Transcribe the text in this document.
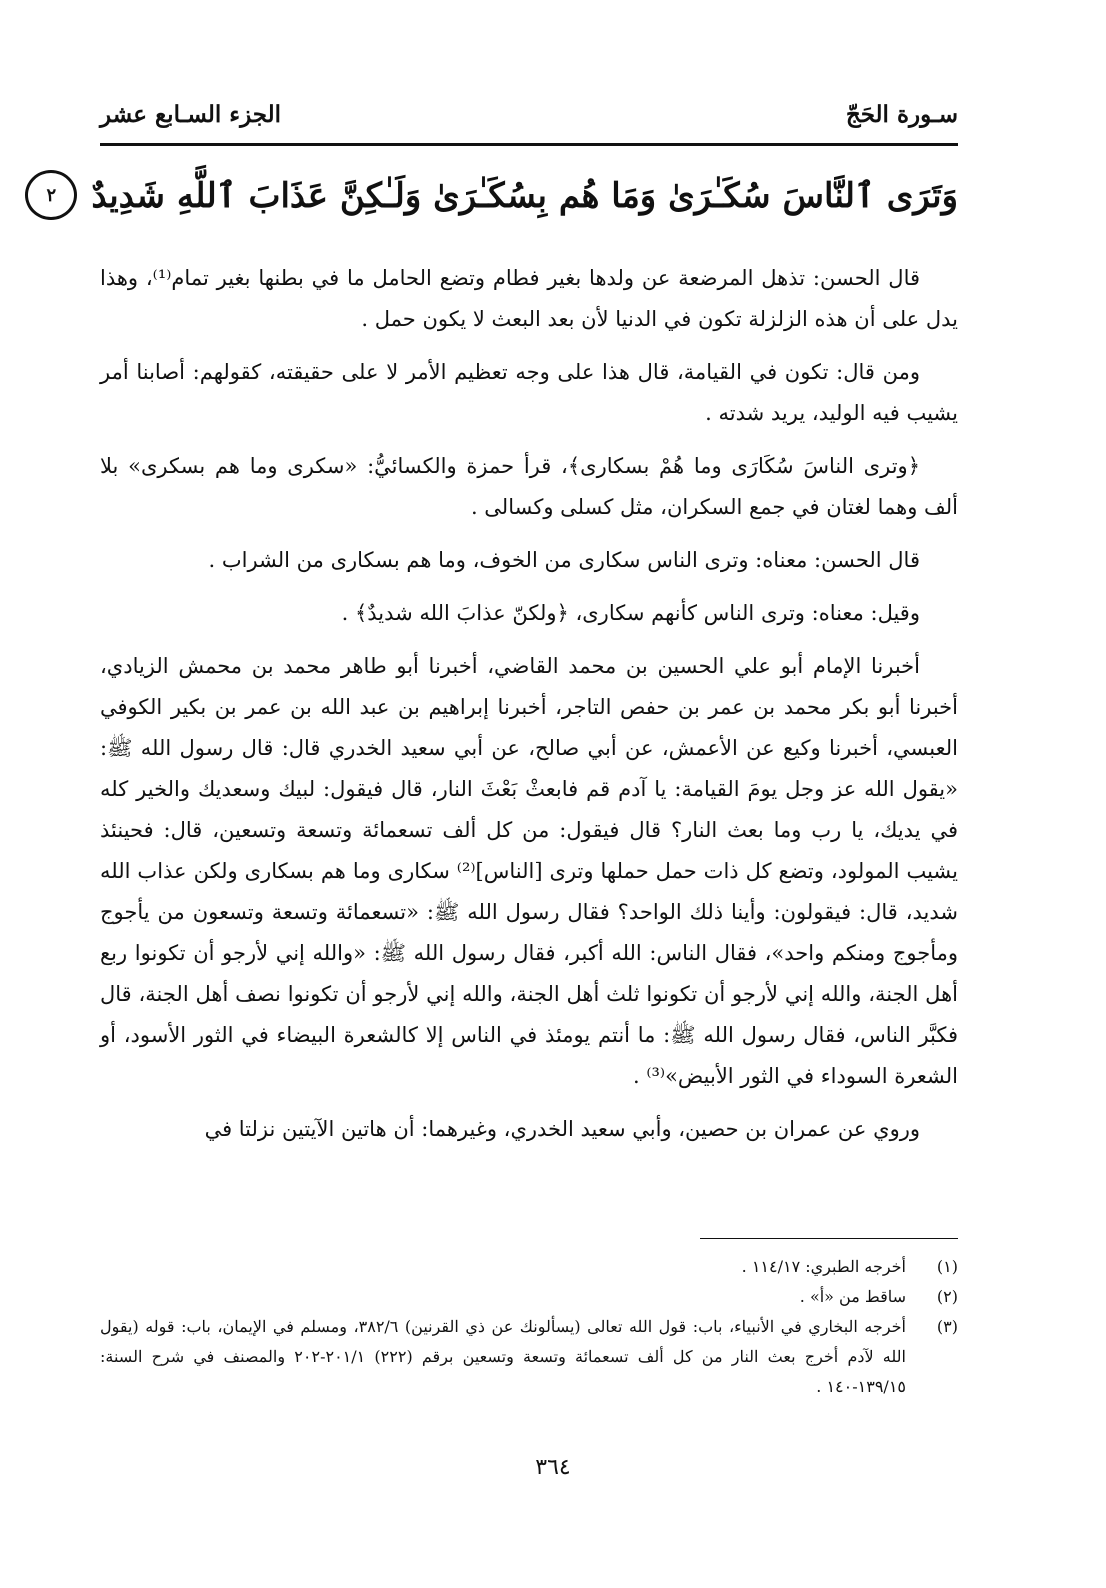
سـورة الحَجّ
الجزء السـابع عشر
وَتَرَى ٱلنَّاسَ سُكَـٰرَىٰ وَمَا هُم بِسُكَـٰرَىٰ وَلَـٰكِنَّ عَذَابَ ٱللَّهِ شَدِيدٌ
٢

قال الحسن: تذهل المرضعة عن ولدها بغير فطام وتضع الحامل ما في بطنها بغير تمام⁽¹⁾، وهذا يدل على أن هذه الزلزلة تكون في الدنيا لأن بعد البعث لا يكون حمل .

ومن قال: تكون في القيامة، قال هذا على وجه تعظيم الأمر لا على حقيقته، كقولهم: أصابنا أمر يشيب فيه الوليد، يريد شدته .

﴿وترى الناسَ سُكَارَى وما هُمْ بسكارى﴾، قرأ حمزة والكسائيُّ: «سكرى وما هم بسكرى» بلا ألف وهما لغتان في جمع السكران، مثل كسلى وكسالى .

قال الحسن: معناه: وترى الناس سكارى من الخوف، وما هم بسكارى من الشراب .

وقيل: معناه: وترى الناس كأنهم سكارى، ﴿ولكنّ عذابَ الله شديدٌ﴾ .

أخبرنا الإمام أبو علي الحسين بن محمد القاضي، أخبرنا أبو طاهر محمد بن محمش الزيادي، أخبرنا أبو بكر محمد بن عمر بن حفص التاجر، أخبرنا إبراهيم بن عبد الله بن عمر بن بكير الكوفي العبسي، أخبرنا وكيع عن الأعمش، عن أبي صالح، عن أبي سعيد الخدري قال: قال رسول الله ﷺ: «يقول الله عز وجل يومَ القيامة: يا آدم قم فابعثْ بَعْثَ النار، قال فيقول: لبيك وسعديك والخير كله في يديك، يا رب وما بعث النار؟ قال فيقول: من كل ألف تسعمائة وتسعة وتسعين، قال: فحينئذ يشيب المولود، وتضع كل ذات حمل حملها وترى [الناس]⁽²⁾ سكارى وما هم بسكارى ولكن عذاب الله شديد، قال: فيقولون: وأينا ذلك الواحد؟ فقال رسول الله ﷺ: «تسعمائة وتسعة وتسعون من يأجوج ومأجوج ومنكم واحد»، فقال الناس: الله أكبر، فقال رسول الله ﷺ: «والله إني لأرجو أن تكونوا ربع أهل الجنة، والله إني لأرجو أن تكونوا ثلث أهل الجنة، والله إني لأرجو أن تكونوا نصف أهل الجنة، قال فكبَّر الناس، فقال رسول الله ﷺ: ما أنتم يومئذ في الناس إلا كالشعرة البيضاء في الثور الأسود، أو الشعرة السوداء في الثور الأبيض»⁽³⁾ .

وروي عن عمران بن حصين، وأبي سعيد الخدري، وغيرهما: أن هاتين الآيتين نزلتا في

(١)
أخرجه الطبري: ١١٤/١٧ .
(٢)
ساقط من «أ» .
(٣)
أخرجه البخاري في الأنبياء، باب: قول الله تعالى (يسألونك عن ذي القرنين) ٣٨٢/٦، ومسلم في الإيمان، باب: قوله (يقول الله لآدم أخرج بعث النار من كل ألف تسعمائة وتسعة وتسعين برقم (٢٢٢) ٢٠١/١-٢٠٢ والمصنف في شرح السنة: ١٣٩/١٥-١٤٠ .
٣٦٤
